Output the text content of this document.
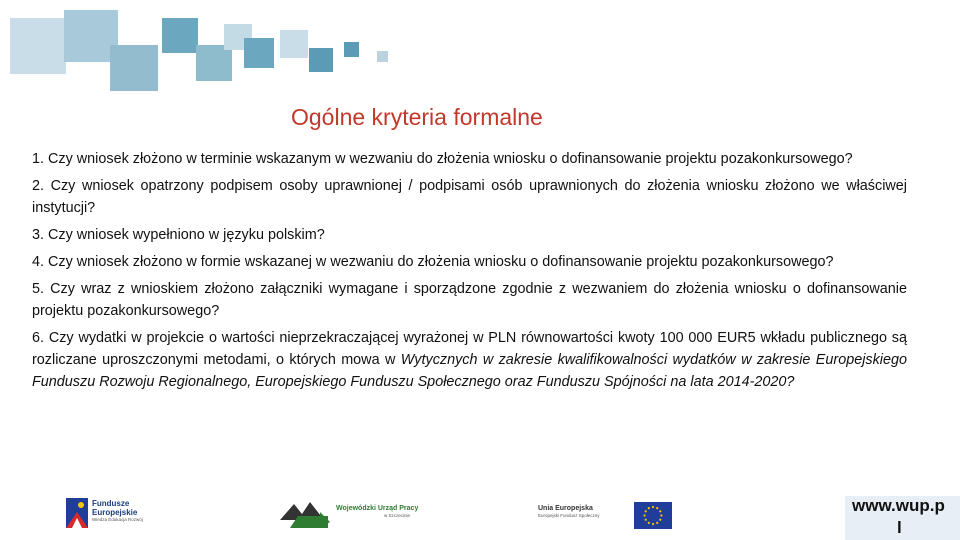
Ogólne kryteria formalne

1. Czy wniosek złożono w terminie wskazanym w wezwaniu do złożenia wniosku o dofinansowanie projektu pozakonkursowego?

2. Czy wniosek opatrzony podpisem osoby uprawnionej / podpisami osób uprawnionych do złożenia wniosku złożono we właściwej instytucji?

3. Czy wniosek wypełniono w języku polskim?

4. Czy wniosek złożono w formie wskazanej w wezwaniu do złożenia wniosku o dofinansowanie projektu pozakonkursowego?

5. Czy wraz z wnioskiem złożono załączniki wymagane i sporządzone zgodnie z wezwaniem do złożenia wniosku o dofinansowanie projektu pozakonkursowego?

6. Czy wydatki w projekcie o wartości nieprzekraczającej wyrażonej w PLN równowartości kwoty 100 000 EUR5 wkładu publicznego są rozliczane uproszczonymi metodami, o których mowa w Wytycznych w zakresie kwalifikowalności wydatków w zakresie Europejskiego Funduszu Rozwoju Regionalnego, Europejskiego Funduszu Społecznego oraz Funduszu Spójności na lata 2014-2020?

Fundusze
Europejskie
Wiedza Edukacja Rozwój
Wojewódzki Urząd Pracy
w Szczecinie
Unia Europejska
Europejski Fundusz Społeczny
www.wup.p
l
